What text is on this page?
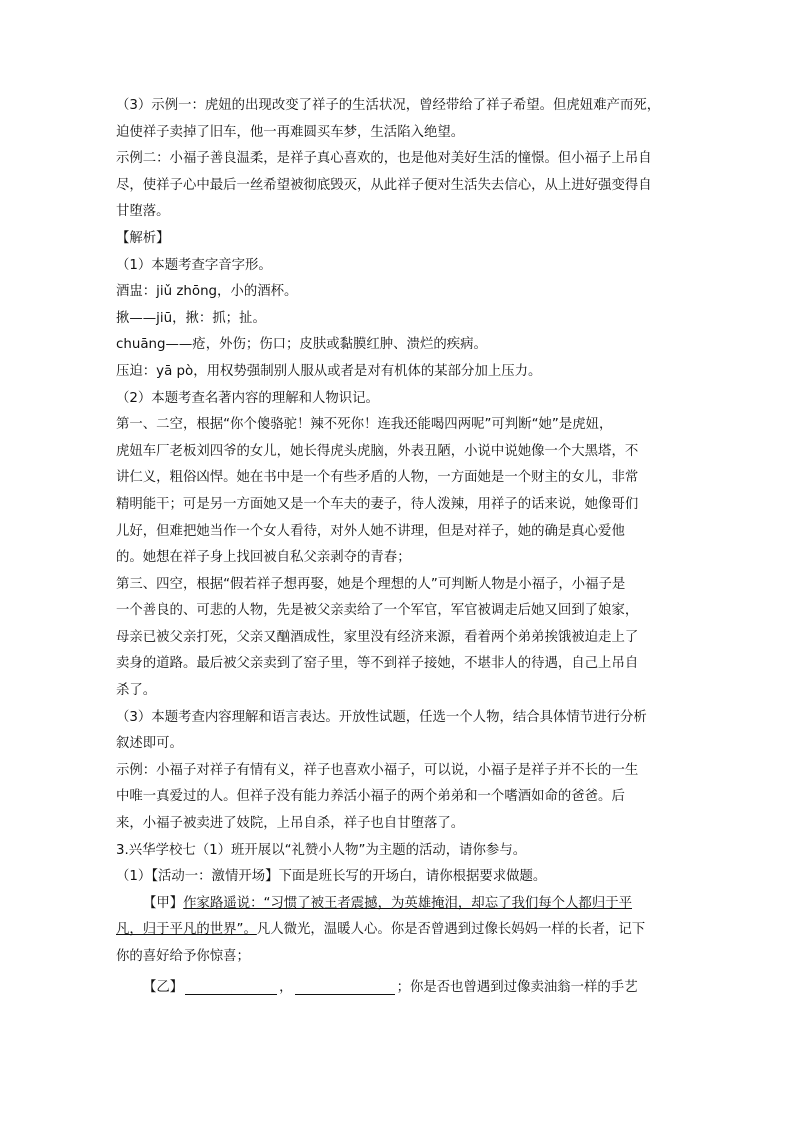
（3）示例一：虎妞的出现改变了祥子的生活状况，曾经带给了祥子希望。但虎妞难产而死，
迫使祥子卖掉了旧车，他一再难圆买车梦，生活陷入绝望。
示例二：小福子善良温柔，是祥子真心喜欢的，也是他对美好生活的憧憬。但小福子上吊自
尽，使祥子心中最后一丝希望被彻底毁灭，从此祥子便对生活失去信心，从上进好强变得自
甘堕落。
【解析】
（1）本题考查字音字形。
酒盅：jiǔ zhōng，小的酒杯。
揪——jiū，揪：抓；扯。
chuāng——疮，外伤；伤口；皮肤或黏膜红肿、溃烂的疾病。
压迫：yā pò，用权势强制别人服从或者是对有机体的某部分加上压力。
（2）本题考查名著内容的理解和人物识记。
第一、二空，根据“你个傻骆驼！辣不死你！连我还能喝四两呢”可判断“她”是虎妞，
虎妞车厂老板刘四爷的女儿，她长得虎头虎脑，外表丑陋，小说中说她像一个大黑塔，不
讲仁义，粗俗凶悍。她在书中是一个有些矛盾的人物，一方面她是一个财主的女儿，非常
精明能干；可是另一方面她又是一个车夫的妻子，待人泼辣，用祥子的话来说，她像哥们
儿好，但难把她当作一个女人看待，对外人她不讲理，但是对祥子，她的确是真心爱他
的。她想在祥子身上找回被自私父亲剥夺的青春；
第三、四空，根据“假若祥子想再娶，她是个理想的人”可判断人物是小福子，小福子是
一个善良的、可悲的人物，先是被父亲卖给了一个军官，军官被调走后她又回到了娘家，
母亲已被父亲打死，父亲又酗酒成性，家里没有经济来源，看着两个弟弟挨饿被迫走上了
卖身的道路。最后被父亲卖到了窑子里，等不到祥子接她，不堪非人的待遇，自己上吊自
杀了。
（3）本题考查内容理解和语言表达。开放性试题，任选一个人物，结合具体情节进行分析
叙述即可。
示例：小福子对祥子有情有义，祥子也喜欢小福子，可以说，小福子是祥子并不长的一生
中唯一真爱过的人。但祥子没有能力养活小福子的两个弟弟和一个嗜酒如命的爸爸。后
来，小福子被卖进了妓院，上吊自杀，祥子也自甘堕落了。
3.兴华学校七（1）班开展以“礼赞小人物”为主题的活动，请你参与。
（1）【活动一：激情开场】下面是班长写的开场白，请你根据要求做题。
【甲】作家路遥说：“习惯了被王者震撼，为英雄掩泪，却忘了我们每个人都归于平
凡，归于平凡的世界”。凡人微光，温暖人心。你是否曾遇到过像长妈妈一样的长者，记下
你的喜好给予你惊喜；
【乙】	，	；你是否也曾遇到过像卖油翁一样的手艺
